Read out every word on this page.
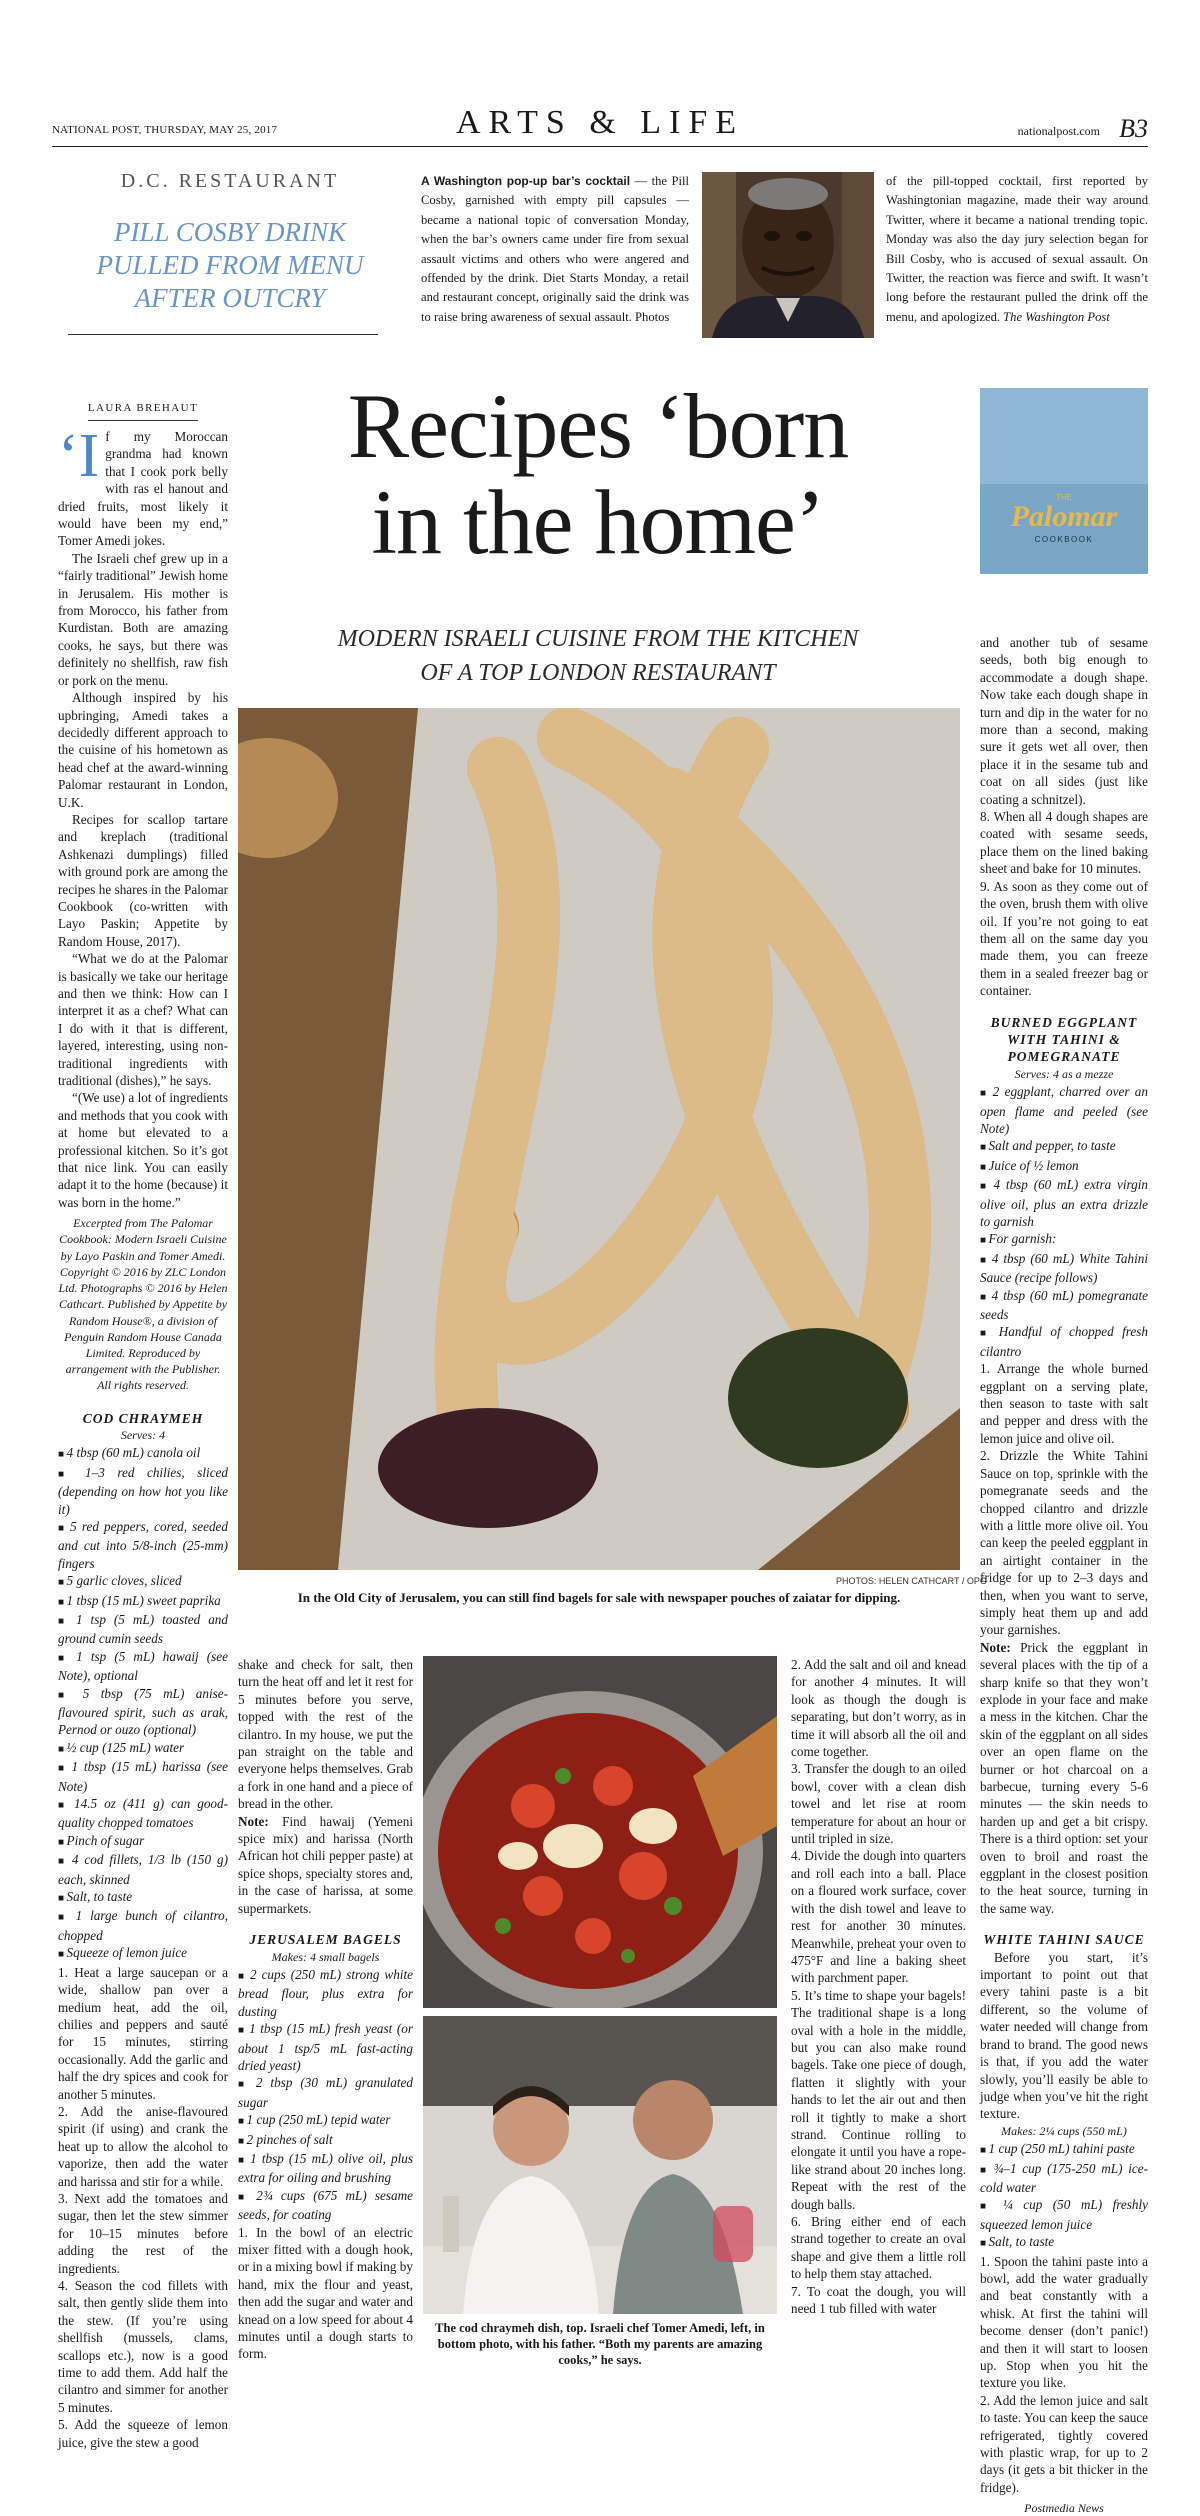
NATIONAL POST, THURSDAY, MAY 25, 2017	ARTS & LIFE	nationalpost.com B3
D.C. RESTAURANT
PILL COSBY DRINK PULLED FROM MENU AFTER OUTCRY
A Washington pop-up bar’s cocktail — the Pill Cosby, garnished with empty pill capsules — became a national topic of conversation Monday, when the bar’s owners came under fire from sexual assault victims and others who were angered and offended by the drink. Diet Starts Monday, a retail and restaurant concept, originally said the drink was to raise bring awareness of sexual assault. Photos
of the pill-topped cocktail, first reported by Washingtonian magazine, made their way around Twitter, where it became a national trending topic. Monday was also the day jury selection began for Bill Cosby, who is accused of sexual assault. On Twitter, the reaction was fierce and swift. It wasn’t long before the restaurant pulled the drink off the menu, and apologized. The Washington Post
LAURA BREHAUT	Recipes ‘born
in the home’
MODERN ISRAELI CUISINE FROM THE KITCHEN
OF A TOP LONDON RESTAURANT
THE
Palomar
COOKBOOK

‘If my Moroccan grandma had known that I cook pork belly with ras el hanout and dried fruits, most likely it would have been my end,” Tomer Amedi jokes.

The Israeli chef grew up in a “fairly traditional” Jewish home in Jerusalem. His mother is from Morocco, his father from Kurdistan. Both are amazing cooks, he says, but there was definitely no shellfish, raw fish or pork on the menu.

Although inspired by his upbringing, Amedi takes a decidedly different approach to the cuisine of his hometown as head chef at the award-winning Palomar restaurant in London, U.K.

Recipes for scallop tartare and kreplach (traditional Ashkenazi dumplings) filled with ground pork are among the recipes he shares in the Palomar Cookbook (co-written with Layo Paskin; Appetite by Random House, 2017).

“What we do at the Palomar is basically we take our heritage and then we think: How can I interpret it as a chef? What can I do with it that is different, layered, interesting, using non-traditional ingredients with traditional (dishes),” he says.

“(We use) a lot of ingredients and methods that you cook with at home but elevated to a professional kitchen. So it’s got that nice link. You can easily adapt it to the home (because) it was born in the home.”

Excerpted from The Palomar Cookbook: Modern Israeli Cuisine by Layo Paskin and Tomer Amedi. Copyright © 2016 by ZLC London Ltd. Photographs © 2016 by Helen Cathcart. Published by Appetite by Random House®, a division of Penguin Random House Canada Limited. Reproduced by arrangement with the Publisher. All rights reserved.

COD CHRAYMEH

Serves: 4

■ 4 tbsp (60 mL) canola oil

■ 1–3 red chilies, sliced (depending on how hot you like it)

■ 5 red peppers, cored, seeded and cut into 5/8-inch (25-mm) fingers

■ 5 garlic cloves, sliced

■ 1 tbsp (15 mL) sweet paprika

■ 1 tsp (5 mL) toasted and ground cumin seeds

■ 1 tsp (5 mL) hawaij (see Note), optional

■ 5 tbsp (75 mL) anise-flavoured spirit, such as arak, Pernod or ouzo (optional)

■ ½ cup (125 mL) water

■ 1 tbsp (15 mL) harissa (see Note)

■ 14.5 oz (411 g) can good-quality chopped tomatoes

■ Pinch of sugar

■ 4 cod fillets, 1/3 lb (150 g) each, skinned

■ Salt, to taste

■ 1 large bunch of cilantro, chopped

■ Squeeze of lemon juice

1. Heat a large saucepan or a wide, shallow pan over a medium heat, add the oil, chilies and peppers and sauté for 15 minutes, stirring occasionally. Add the garlic and half the dry spices and cook for another 5 minutes.

2. Add the anise-flavoured spirit (if using) and crank the heat up to allow the alcohol to vaporize, then add the water and harissa and stir for a while.

3. Next add the tomatoes and sugar, then let the stew simmer for 10–15 minutes before adding the rest of the ingredients.

4. Season the cod fillets with salt, then gently slide them into the stew. (If you’re using shellfish (mussels, clams, scallops etc.), now is a good time to add them. Add half the cilantro and simmer for another 5 minutes.

5. Add the squeeze of lemon juice, give the stew a good

PHOTOS: HELEN CATHCART / OPG
In the Old City of Jerusalem, you can still find bagels for sale with newspaper pouches of zaiatar for dipping.

shake and check for salt, then turn the heat off and let it rest for 5 minutes before you serve, topped with the rest of the cilantro. In my house, we put the pan straight on the table and everyone helps themselves. Grab a fork in one hand and a piece of bread in the other.

Note: Find hawaij (Yemeni spice mix) and harissa (North African hot chili pepper paste) at spice shops, specialty stores and, in the case of harissa, at some supermarkets.

JERUSALEM BAGELS

Makes: 4 small bagels

■ 2 cups (250 mL) strong white bread flour, plus extra for dusting

■ 1 tbsp (15 mL) fresh yeast (or about 1 tsp/5 mL fast-acting dried yeast)

■ 2 tbsp (30 mL) granulated sugar

■ 1 cup (250 mL) tepid water

■ 2 pinches of salt

■ 1 tbsp (15 mL) olive oil, plus extra for oiling and brushing

■ 2¾ cups (675 mL) sesame seeds, for coating

1. In the bowl of an electric mixer fitted with a dough hook, or in a mixing bowl if making by hand, mix the flour and yeast, then add the sugar and water and knead on a low speed for about 4 minutes until a dough starts to form.

The cod chraymeh dish, top. Israeli chef Tomer Amedi, left, in bottom photo, with his father. “Both my parents are amazing cooks,” he says.

2. Add the salt and oil and knead for another 4 minutes. It will look as though the dough is separating, but don’t worry, as in time it will absorb all the oil and come together.

3. Transfer the dough to an oiled bowl, cover with a clean dish towel and let rise at room temperature for about an hour or until tripled in size.

4. Divide the dough into quarters and roll each into a ball. Place on a floured work surface, cover with the dish towel and leave to rest for another 30 minutes. Meanwhile, preheat your oven to 475°F and line a baking sheet with parchment paper.

5. It’s time to shape your bagels! The traditional shape is a long oval with a hole in the middle, but you can also make round bagels. Take one piece of dough, flatten it slightly with your hands to let the air out and then roll it tightly to make a short strand. Continue rolling to elongate it until you have a rope-like strand about 20 inches long. Repeat with the rest of the dough balls.

6. Bring either end of each strand together to create an oval shape and give them a little roll to help them stay attached.

7. To coat the dough, you will need 1 tub filled with water

and another tub of sesame seeds, both big enough to accommodate a dough shape. Now take each dough shape in turn and dip in the water for no more than a second, making sure it gets wet all over, then place it in the sesame tub and coat on all sides (just like coating a schnitzel).

8. When all 4 dough shapes are coated with sesame seeds, place them on the lined baking sheet and bake for 10 minutes.

9. As soon as they come out of the oven, brush them with olive oil. If you’re not going to eat them all on the same day you made them, you can freeze them in a sealed freezer bag or container.

BURNED EGGPLANT WITH TAHINI & POMEGRANATE

Serves: 4 as a mezze

■ 2 eggplant, charred over an open flame and peeled (see Note)

■ Salt and pepper, to taste

■ Juice of ½ lemon

■ 4 tbsp (60 mL) extra virgin olive oil, plus an extra drizzle to garnish

■ For garnish:

■ 4 tbsp (60 mL) White Tahini Sauce (recipe follows)

■ 4 tbsp (60 mL) pomegranate seeds

■ Handful of chopped fresh cilantro

1. Arrange the whole burned eggplant on a serving plate, then season to taste with salt and pepper and dress with the lemon juice and olive oil.

2. Drizzle the White Tahini Sauce on top, sprinkle with the pomegranate seeds and the chopped cilantro and drizzle with a little more olive oil. You can keep the peeled eggplant in an airtight container in the fridge for up to 2–3 days and then, when you want to serve, simply heat them up and add your garnishes.

Note: Prick the eggplant in several places with the tip of a sharp knife so that they won’t explode in your face and make a mess in the kitchen. Char the skin of the eggplant on all sides over an open flame on the burner or hot charcoal on a barbecue, turning every 5-6 minutes — the skin needs to harden up and get a bit crispy. There is a third option: set your oven to broil and roast the eggplant in the closest position to the heat source, turning in the same way.

WHITE TAHINI SAUCE

Before you start, it’s important to point out that every tahini paste is a bit different, so the volume of water needed will change from brand to brand. The good news is that, if you add the water slowly, you’ll easily be able to judge when you’ve hit the right texture.

Makes: 2¼ cups (550 mL)

■ 1 cup (250 mL) tahini paste

■ ¾–1 cup (175-250 mL) ice-cold water

■ ¼ cup (50 mL) freshly squeezed lemon juice

■ Salt, to taste

1. Spoon the tahini paste into a bowl, add the water gradually and beat constantly with a whisk. At first the tahini will become denser (don’t panic!) and then it will start to loosen up. Stop when you hit the texture you like.

2. Add the lemon juice and salt to taste. You can keep the sauce refrigerated, tightly covered with plastic wrap, for up to 2 days (it gets a bit thicker in the fridge).

Postmedia News
